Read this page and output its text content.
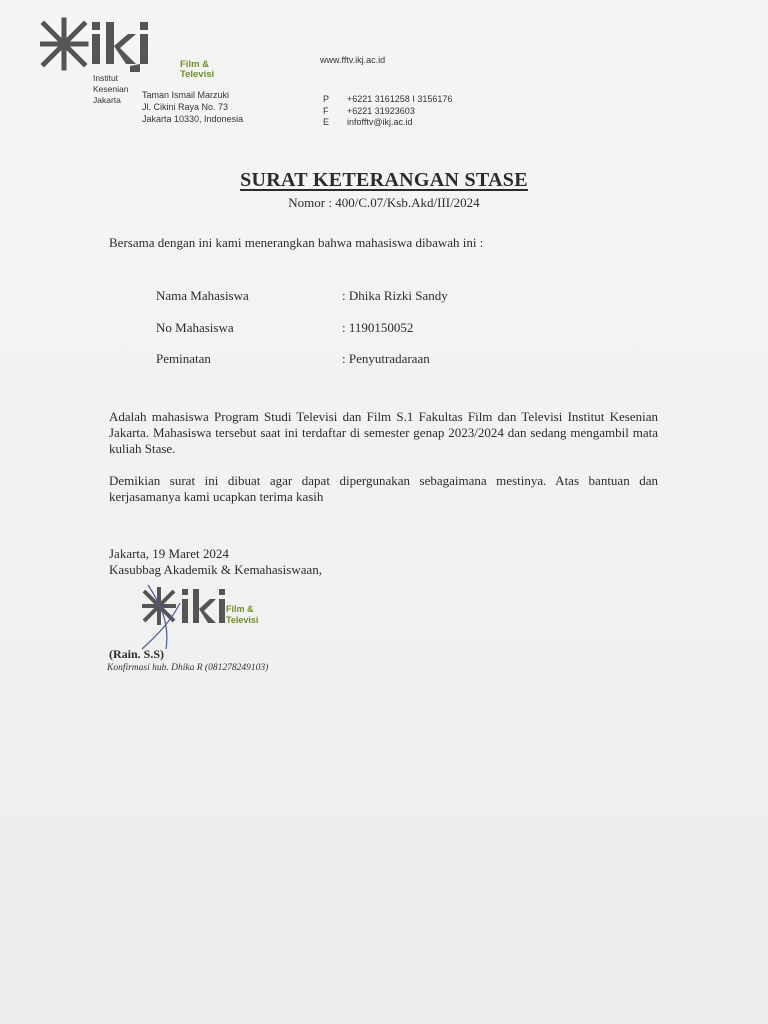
Film &
Televisi
Institut
Kesenian
Jakarta	Taman Ismail Marzuki
Jl. Cikini Raya No. 73
Jakarta 10330, Indonesia
www.fftv.ikj.ac.id
P +6221 3161258 I 3156176
F +6221 31923603
E infofftv@ikj.ac.id
SURAT KETERANGAN STASE
Nomor : 400/C.07/Ksb.Akd/III/2024
Bersama dengan ini kami menerangkan bahwa mahasiswa dibawah ini :
Nama Mahasiswa	: Dhika Rizki Sandy
No Mahasiswa	: 1190150052
Peminatan	: Penyutradaraan
Adalah mahasiswa Program Studi Televisi dan Film S.1 Fakultas Film dan Televisi Institut Kesenian Jakarta. Mahasiswa tersebut saat ini terdaftar di semester genap 2023/2024 dan sedang mengambil mata kuliah Stase.
Demikian surat ini dibuat agar dapat dipergunakan sebagaimana mestinya. Atas bantuan dan kerjasamanya kami ucapkan terima kasih
Jakarta, 19 Maret 2024
Kasubbag Akademik & Kemahasiswaan,
Film &
Televisi
(Rain. S.S)
Konfirmasi hub. Dhika R (081278249103)
